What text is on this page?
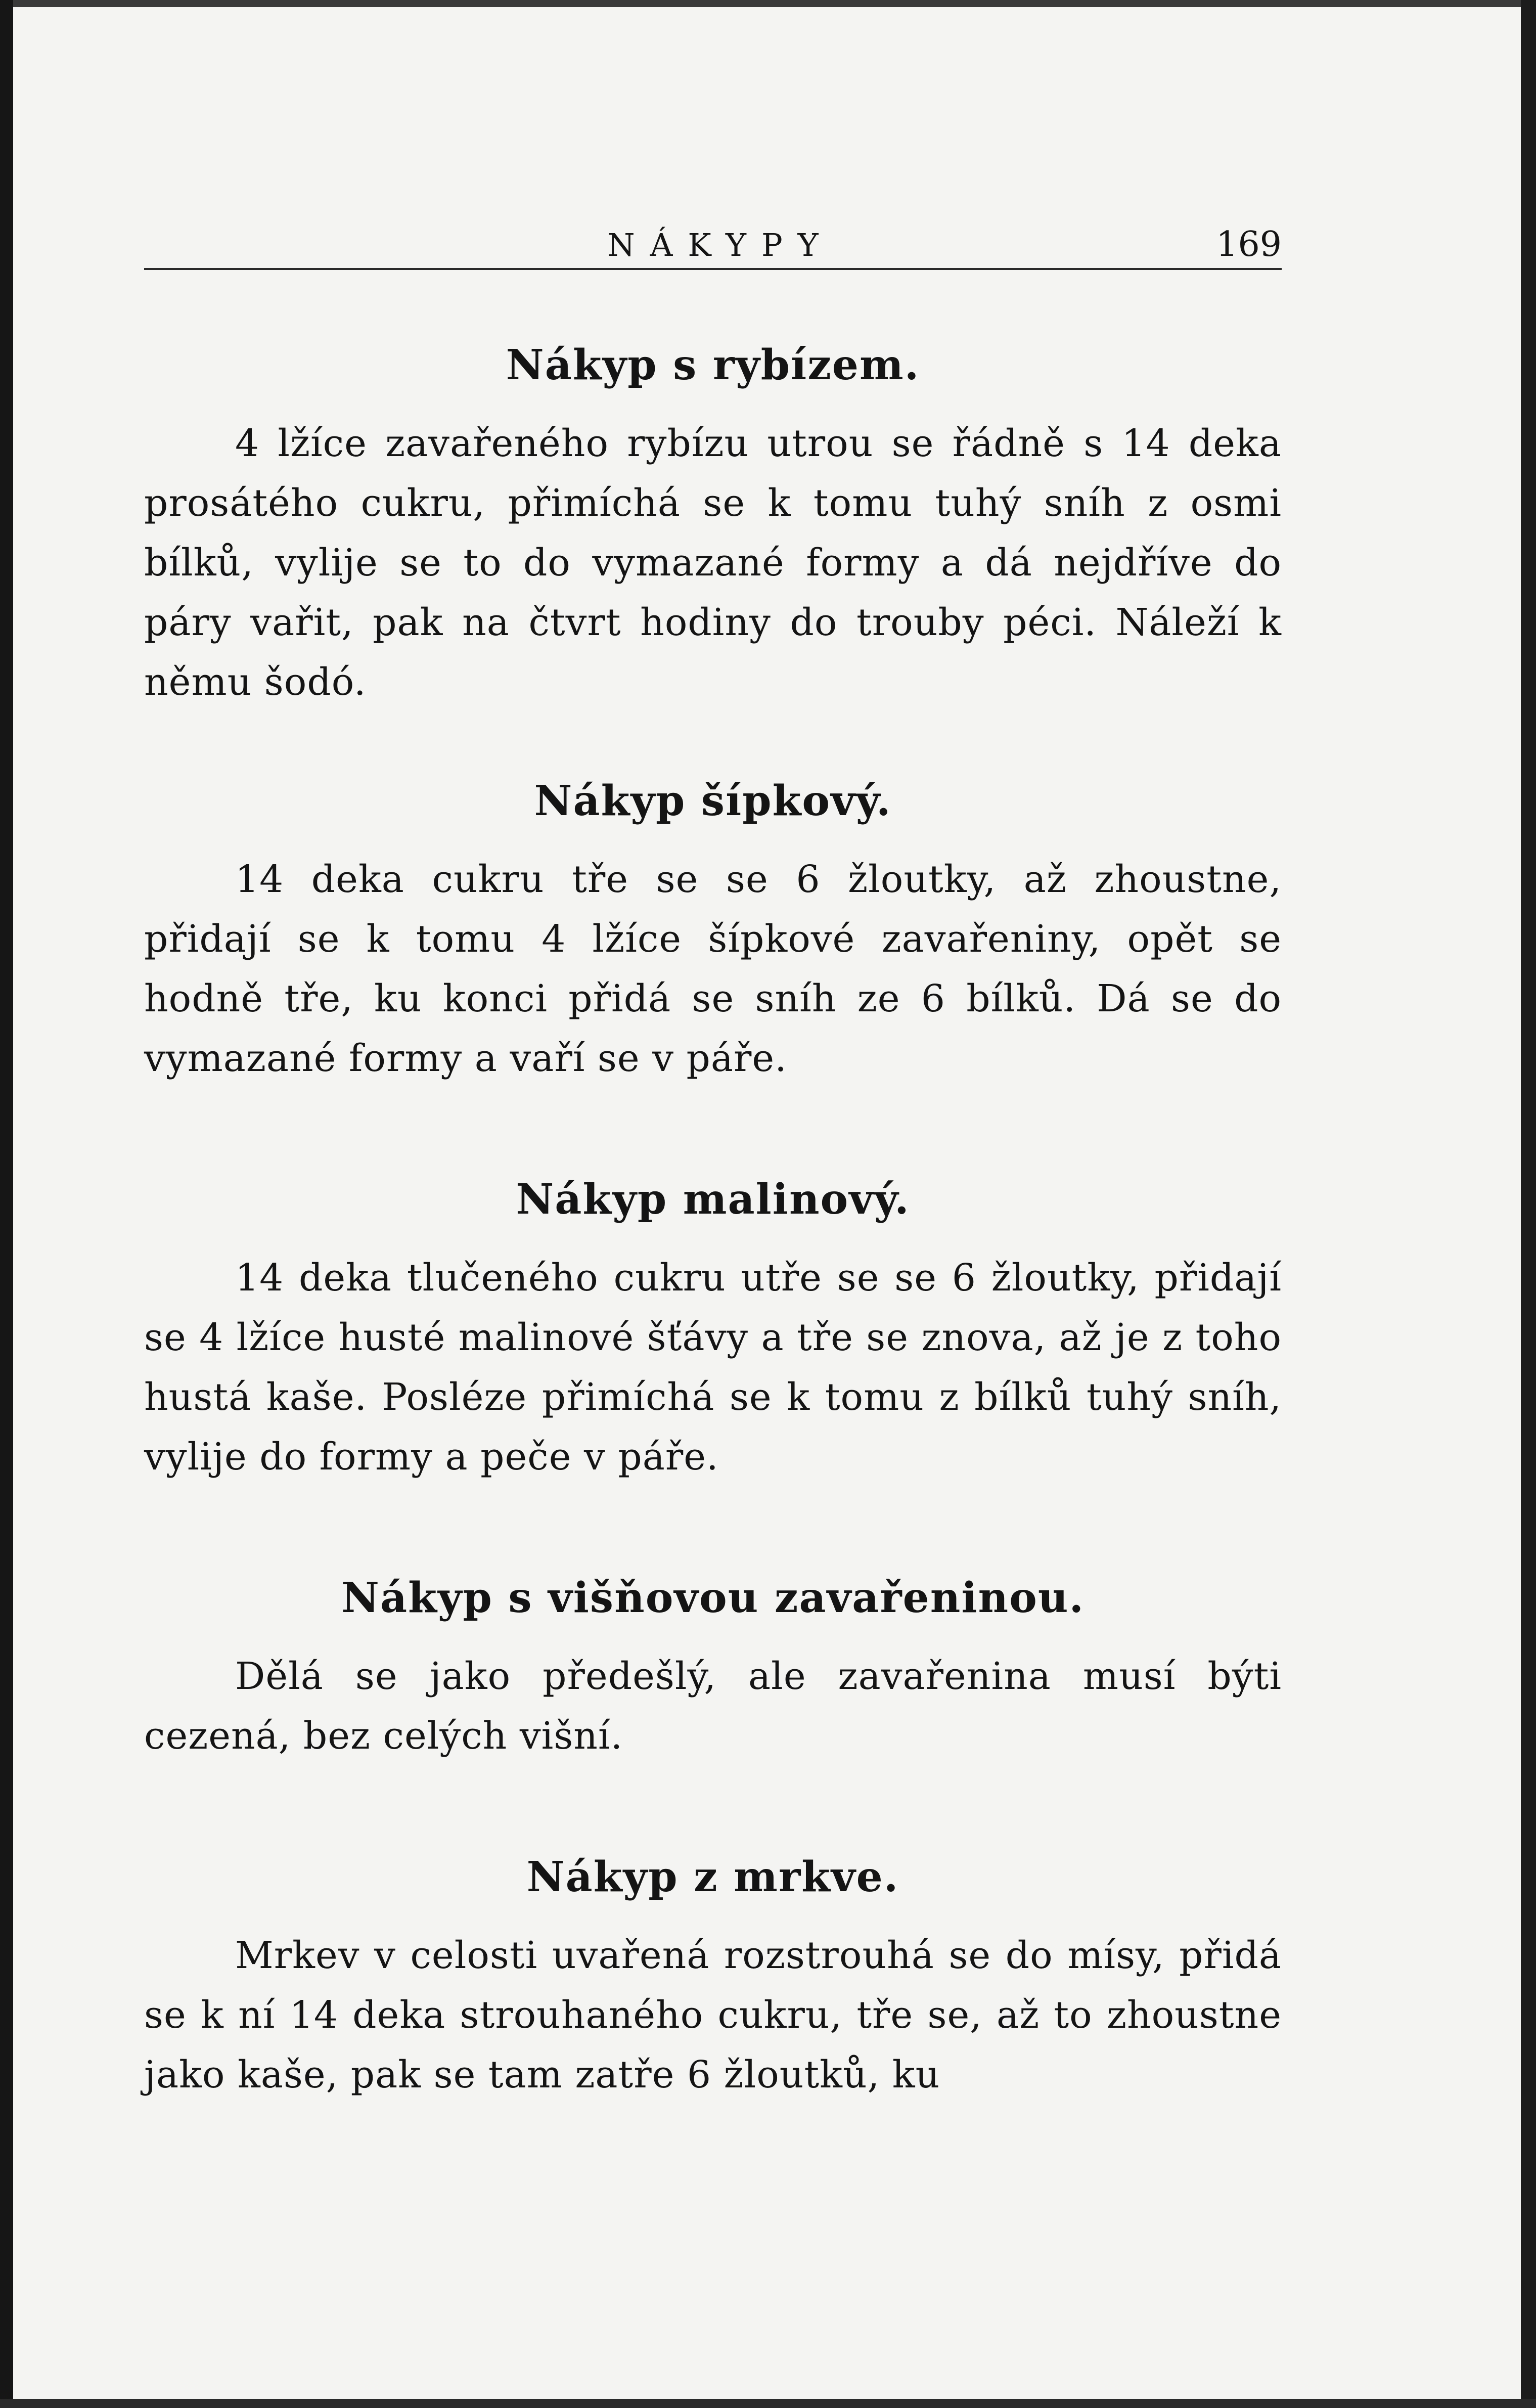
NÁKYPY	169
Nákyp s rybízem.

4 lžíce zavařeného rybízu utrou se řádně s 14 deka prosátého cukru, přimíchá se k tomu tuhý sníh z osmi bílků, vylije se to do vymazané formy a dá nejdříve do páry vařit, pak na čtvrt hodiny do trouby péci. Náleží k němu šodó.

Nákyp šípkový.

14 deka cukru tře se se 6 žloutky, až zhoustne, přidají se k tomu 4 lžíce šípkové zavařeniny, opět se hodně tře, ku konci přidá se sníh ze 6 bílků. Dá se do vymazané formy a vaří se v páře.

Nákyp malinový.

14 deka tlučeného cukru utře se se 6 žloutky, přidají se 4 lžíce husté malinové šťávy a tře se znova, až je z toho hustá kaše. Posléze přimíchá se k tomu z bílků tuhý sníh, vylije do formy a peče v páře.

Nákyp s višňovou zavařeninou.

Dělá se jako předešlý, ale zavařenina musí býti cezená, bez celých višní.

Nákyp z mrkve.

Mrkev v celosti uvařená rozstrouhá se do mísy, přidá se k ní 14 deka strouhaného cukru, tře se, až to zhoustne jako kaše, pak se tam zatře 6 žloutků, ku
